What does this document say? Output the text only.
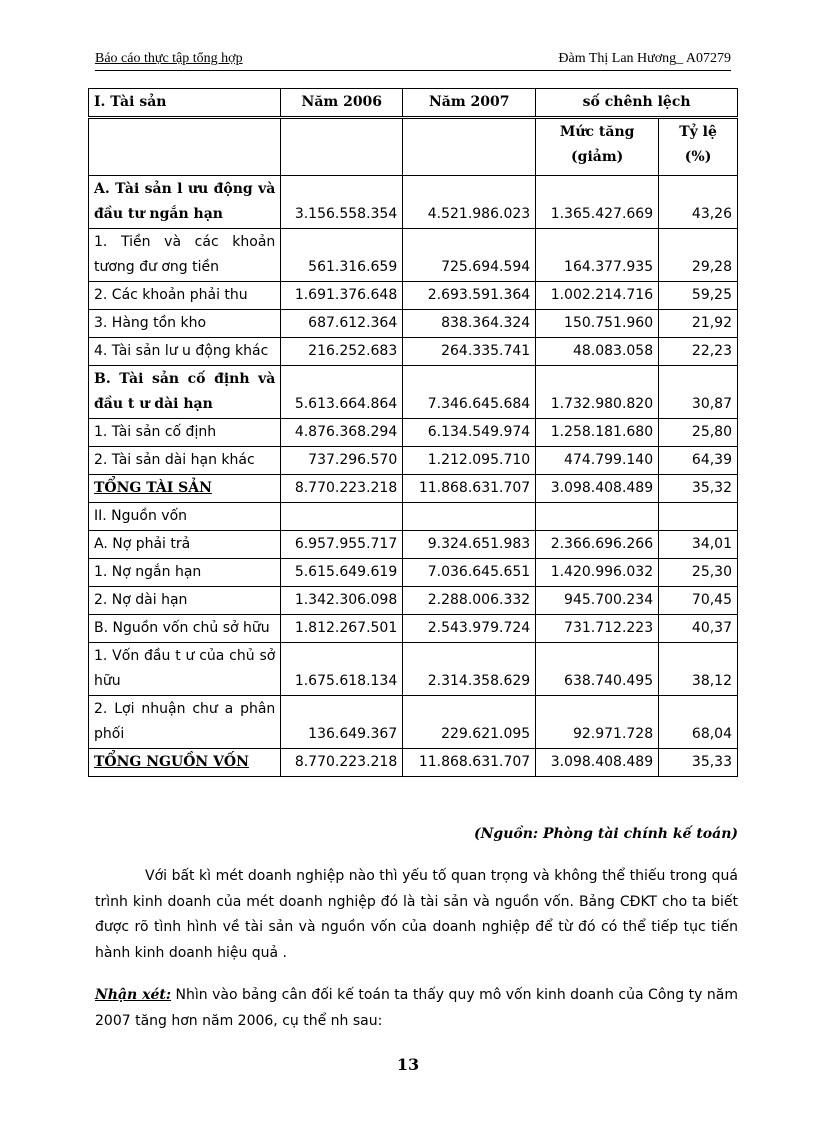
Báo cáo thực tập tổng hợp	Đàm Thị Lan Hương_ A07279
I. Tài sản	Năm 2006	Năm 2007	số chênh lệch	
			Mức tăng (giảm)	Tỷ lệ (%)
A. Tài sản l ưu động và đầu tư ngắn hạn	3.156.558.354	4.521.986.023	1.365.427.669	43,26
1. Tiền và các khoản tương đư ơng tiền	561.316.659	725.694.594	164.377.935	29,28
2. Các khoản phải thu	1.691.376.648	2.693.591.364	1.002.214.716	59,25
3. Hàng tồn kho	687.612.364	838.364.324	150.751.960	21,92
4. Tài sản lư u động khác	216.252.683	264.335.741	48.083.058	22,23
B. Tài sản cố định và đầu t ư dài hạn	5.613.664.864	7.346.645.684	1.732.980.820	30,87
1. Tài sản cố định	4.876.368.294	6.134.549.974	1.258.181.680	25,80
2. Tài sản dài hạn khác	737.296.570	1.212.095.710	474.799.140	64,39
TỔNG TÀI SẢN	8.770.223.218	11.868.631.707	3.098.408.489	35,32
II. Nguồn vốn				
A. Nợ phải trả	6.957.955.717	9.324.651.983	2.366.696.266	34,01
1. Nợ ngắn hạn	5.615.649.619	7.036.645.651	1.420.996.032	25,30
2. Nợ dài hạn	1.342.306.098	2.288.006.332	945.700.234	70,45
B. Nguồn vốn chủ sở hữu	1.812.267.501	2.543.979.724	731.712.223	40,37
1. Vốn đầu t ư của chủ sở hữu	1.675.618.134	2.314.358.629	638.740.495	38,12
2. Lợi nhuận chư a phân phối	136.649.367	229.621.095	92.971.728	68,04
TỔNG NGUỒN VỐN	8.770.223.218	11.868.631.707	3.098.408.489	35,33
(Nguồn: Phòng tài chính kế toán)
Với bất kì mét doanh nghiệp nào thì yếu tố quan trọng và không thể thiếu trong quá trình kinh doanh của mét doanh nghiệp đó là tài sản và nguồn vốn. Bảng CĐKT cho ta biết được rõ tình hình về tài sản và nguồn vốn của doanh nghiệp để từ đó có thể tiếp tục tiến hành kinh doanh hiệu quả .
Nhận xét: Nhìn vào bảng cân đối kế toán ta thấy quy mô vốn kinh doanh của Công ty năm 2007 tăng hơn năm 2006, cụ thể nh sau:
13
